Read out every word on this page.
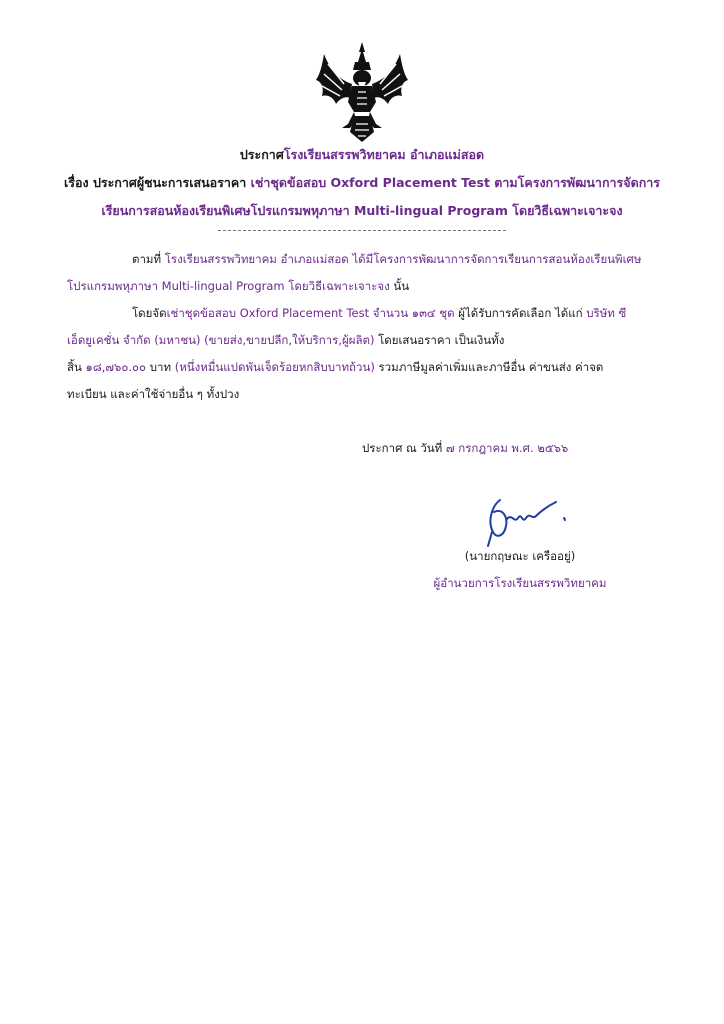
ประกาศโรงเรียนสรรพวิทยาคม อำเภอแม่สอด
เรื่อง ประกาศผู้ชนะการเสนอราคา เช่าชุดข้อสอบ Oxford Placement Test ตามโครงการพัฒนาการจัดการ
เรียนการสอนห้องเรียนพิเศษโปรแกรมพหุภาษา Multi-lingual Program โดยวิธีเฉพาะเจาะจง
ตามที่ โรงเรียนสรรพวิทยาคม อำเภอแม่สอด ได้มีโครงการพัฒนาการจัดการเรียนการสอนห้องเรียนพิเศษ
โปรแกรมพหุภาษา Multi-lingual Program โดยวิธีเฉพาะเจาะจง นั้น
โดยจัดเช่าชุดข้อสอบ Oxford Placement Test จำนวน ๑๓๔ ชุด ผู้ได้รับการคัดเลือก ได้แก่ บริษัท ซี
เอ็ดยูเคชั่น จำกัด (มหาชน) (ขายส่ง,ขายปลีก,ให้บริการ,ผู้ผลิต) โดยเสนอราคา เป็นเงินทั้ง
สิ้น ๑๘,๗๖๐.๐๐ บาท (หนึ่งหมื่นแปดพันเจ็ดร้อยหกสิบบาทถ้วน) รวมภาษีมูลค่าเพิ่มและภาษีอื่น ค่าขนส่ง ค่าจด
ทะเบียน และค่าใช้จ่ายอื่น ๆ ทั้งปวง
ประกาศ ณ วันที่ ๗ กรกฎาคม พ.ศ. ๒๕๖๖
(นายกฤษณะ เครืออยู่)
ผู้อำนวยการโรงเรียนสรรพวิทยาคม
